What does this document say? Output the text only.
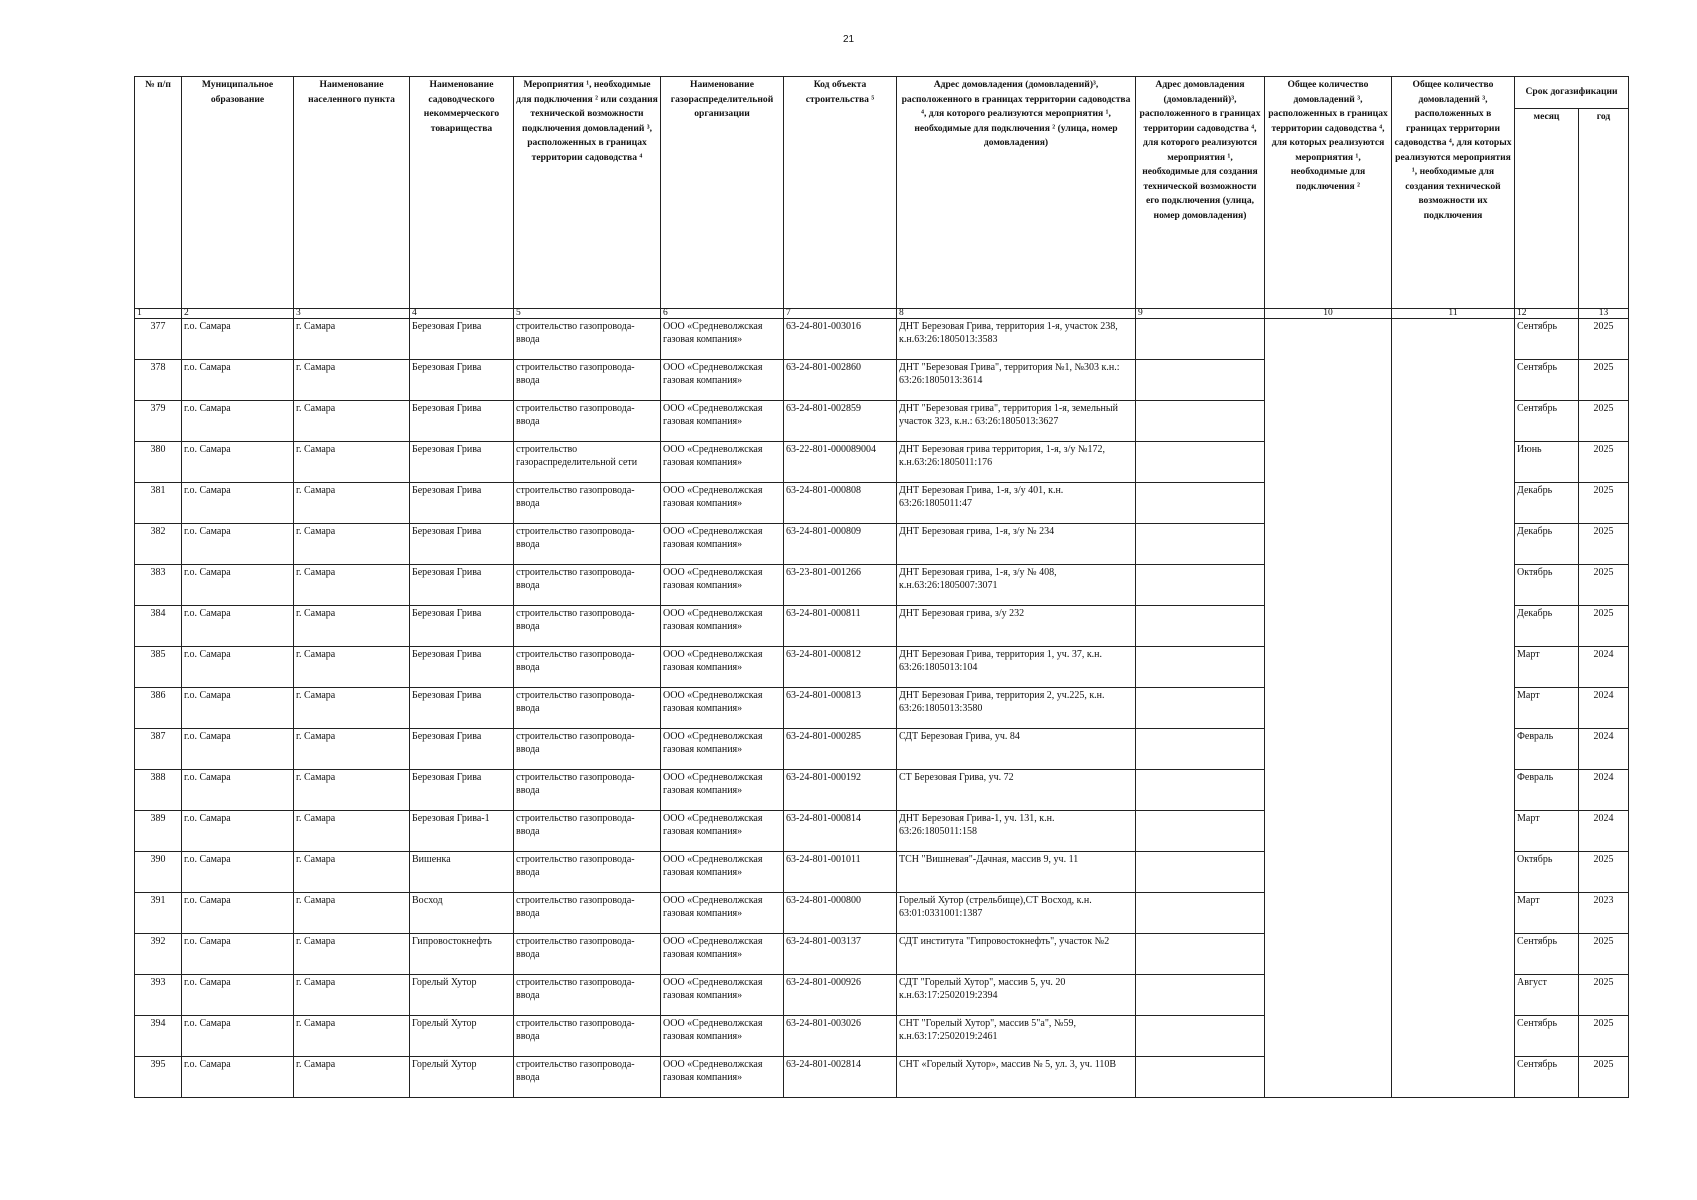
21
№ п/п	Муниципальное образование	Наименование населенного пункта	Наименование садоводческого некоммерческого товарищества	Мероприятия ¹, необходимые для подключения ² или создания технической возможности подключения домовладений ³, расположенных в границах территории садоводства ⁴	Наименование газораспределительной организации	Код объекта строительства ⁵	Адрес домовладения (домовладений)³, расположенного в границах территории садоводства ⁴, для которого реализуются мероприятия ¹, необходимые для подключения ² (улица, номер домовладения)	Адрес домовладения (домовладений)³, расположенного в границах территории садоводства ⁴, для которого реализуются мероприятия ¹, необходимые для создания технической возможности его подключения (улица, номер домовладения)	Общее количество домовладений ³, расположенных в границах территории садоводства ⁴, для которых реализуются мероприятия ¹, необходимые для подключения ²	Общее количество домовладений ³, расположенных в границах территории садоводства ⁴, для которых реализуются мероприятия ¹, необходимые для создания технической возможности их подключения	Срок догазификации	
											месяц	год
1	2	3	4	5	6	7	8	9	10	11	12	13
377	г.о. Самара	г. Самара	Березовая Грива	строительство газопровода-ввода	ООО «Средневолжская газовая компания»	63-24-801-003016	ДНТ Березовая Грива, территория 1-я, участок 238, к.н.63:26:1805013:3583				Сентябрь	2025
378	г.о. Самара	г. Самара	Березовая Грива	строительство газопровода-ввода	ООО «Средневолжская газовая компания»	63-24-801-002860	ДНТ "Березовая Грива", территория №1, №303 к.н.: 63:26:1805013:3614				Сентябрь	2025
379	г.о. Самара	г. Самара	Березовая Грива	строительство газопровода-ввода	ООО «Средневолжская газовая компания»	63-24-801-002859	ДНТ "Березовая грива", территория 1-я, земельный участок 323, к.н.: 63:26:1805013:3627				Сентябрь	2025
380	г.о. Самара	г. Самара	Березовая Грива	строительство газораспределительной сети	ООО «Средневолжская газовая компания»	63-22-801-000089004	ДНТ Березовая грива территория, 1-я, з/у №172, к.н.63:26:1805011:176				Июнь	2025
381	г.о. Самара	г. Самара	Березовая Грива	строительство газопровода-ввода	ООО «Средневолжская газовая компания»	63-24-801-000808	ДНТ Березовая Грива, 1-я, з/у 401, к.н. 63:26:1805011:47				Декабрь	2025
382	г.о. Самара	г. Самара	Березовая Грива	строительство газопровода-ввода	ООО «Средневолжская газовая компания»	63-24-801-000809	ДНТ Березовая грива, 1-я, з/у № 234				Декабрь	2025
383	г.о. Самара	г. Самара	Березовая Грива	строительство газопровода-ввода	ООО «Средневолжская газовая компания»	63-23-801-001266	ДНТ Березовая грива, 1-я, з/у № 408, к.н.63:26:1805007:3071				Октябрь	2025
384	г.о. Самара	г. Самара	Березовая Грива	строительство газопровода-ввода	ООО «Средневолжская газовая компания»	63-24-801-000811	ДНТ Березовая грива, з/у 232				Декабрь	2025
385	г.о. Самара	г. Самара	Березовая Грива	строительство газопровода-ввода	ООО «Средневолжская газовая компания»	63-24-801-000812	ДНТ Березовая Грива, территория 1, уч. 37, к.н. 63:26:1805013:104				Март	2024
386	г.о. Самара	г. Самара	Березовая Грива	строительство газопровода-ввода	ООО «Средневолжская газовая компания»	63-24-801-000813	ДНТ Березовая Грива, территория 2, уч.225, к.н. 63:26:1805013:3580				Март	2024
387	г.о. Самара	г. Самара	Березовая Грива	строительство газопровода-ввода	ООО «Средневолжская газовая компания»	63-24-801-000285	СДТ Березовая Грива, уч. 84				Февраль	2024
388	г.о. Самара	г. Самара	Березовая Грива	строительство газопровода-ввода	ООО «Средневолжская газовая компания»	63-24-801-000192	СТ Березовая Грива, уч. 72				Февраль	2024
389	г.о. Самара	г. Самара	Березовая Грива-1	строительство газопровода-ввода	ООО «Средневолжская газовая компания»	63-24-801-000814	ДНТ Березовая Грива-1, уч. 131, к.н. 63:26:1805011:158				Март	2024
390	г.о. Самара	г. Самара	Вишенка	строительство газопровода-ввода	ООО «Средневолжская газовая компания»	63-24-801-001011	ТСН "Вишневая"-Дачная, массив 9, уч. 11				Октябрь	2025
391	г.о. Самара	г. Самара	Восход	строительство газопровода-ввода	ООО «Средневолжская газовая компания»	63-24-801-000800	Горелый Хутор (стрельбище),СТ Восход, к.н. 63:01:0331001:1387				Март	2023
392	г.о. Самара	г. Самара	Гипровостокнефть	строительство газопровода-ввода	ООО «Средневолжская газовая компания»	63-24-801-003137	СДТ института "Гипровостокнефть", участок №2				Сентябрь	2025
393	г.о. Самара	г. Самара	Горелый Хутор	строительство газопровода-ввода	ООО «Средневолжская газовая компания»	63-24-801-000926	СДТ "Горелый Хутор", массив 5, уч. 20 к.н.63:17:2502019:2394				Август	2025
394	г.о. Самара	г. Самара	Горелый Хутор	строительство газопровода-ввода	ООО «Средневолжская газовая компания»	63-24-801-003026	СНТ "Горелый Хутор", массив 5"а", №59, к.н.63:17:2502019:2461				Сентябрь	2025
395	г.о. Самара	г. Самара	Горелый Хутор	строительство газопровода-ввода	ООО «Средневолжская газовая компания»	63-24-801-002814	СНТ «Горелый Хутор», массив № 5, ул. 3, уч. 110В				Сентябрь	2025
